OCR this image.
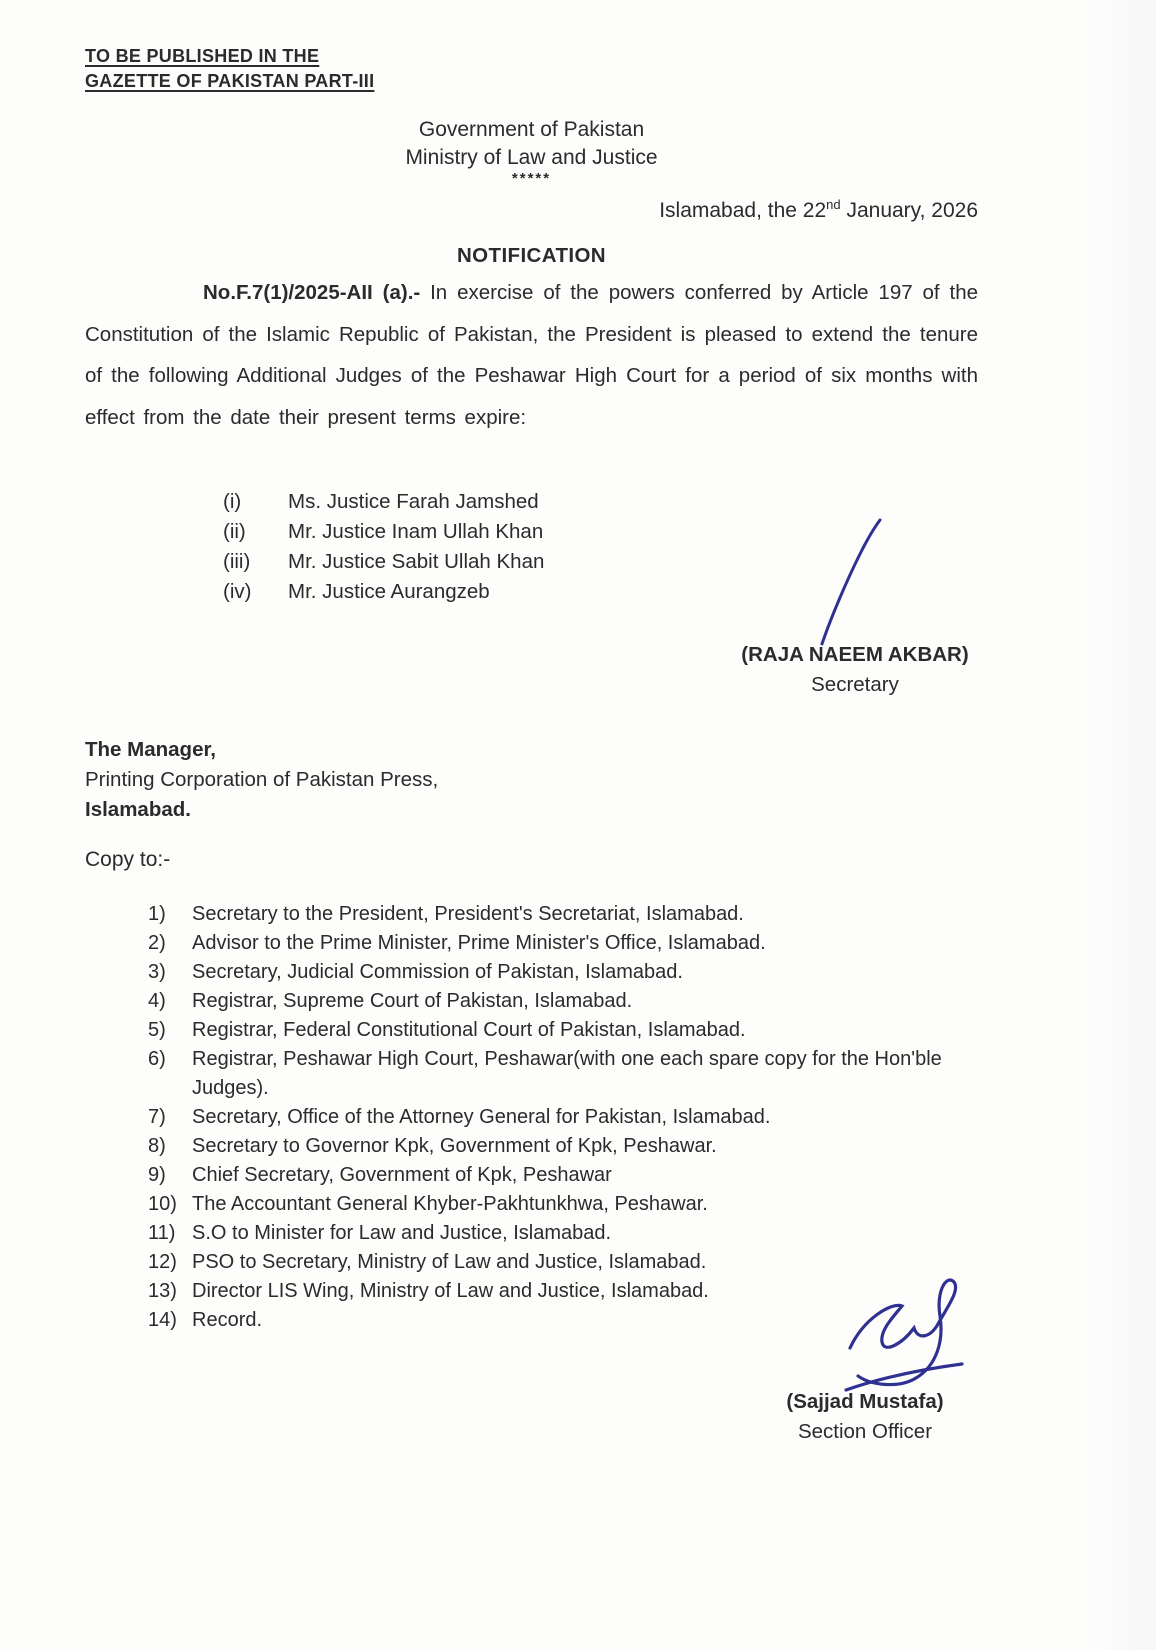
TO BE PUBLISHED IN THE
GAZETTE OF PAKISTAN PART-III
Government of Pakistan
Ministry of Law and Justice
*****
Islamabad, the 22nd January, 2026
NOTIFICATION

No.F.7(1)/2025-AII (a).- In exercise of the powers conferred by Article 197 of the Constitution of the Islamic Republic of Pakistan, the President is pleased to extend the tenure of the following Additional Judges of the Peshawar High Court for a period of six months with effect from the date their present terms expire:

(i)	Ms. Justice Farah Jamshed
(ii)	Mr. Justice Inam Ullah Khan
(iii)	Mr. Justice Sabit Ullah Khan
(iv)	Mr. Justice Aurangzeb
(RAJA NAEEM AKBAR)
Secretary
The Manager,
Printing Corporation of Pakistan Press,
Islamabad.
Copy to:-
1)	Secretary to the President, President's Secretariat, Islamabad.
2)	Advisor to the Prime Minister, Prime Minister's Office, Islamabad.
3)	Secretary, Judicial Commission of Pakistan, Islamabad.
4)	Registrar, Supreme Court of Pakistan, Islamabad.
5)	Registrar, Federal Constitutional Court of Pakistan, Islamabad.
6)	Registrar, Peshawar High Court, Peshawar(with one each spare copy for the Hon'ble Judges).
7)	Secretary, Office of the Attorney General for Pakistan, Islamabad.
8)	Secretary to Governor Kpk, Government of Kpk, Peshawar.
9)	Chief Secretary, Government of Kpk, Peshawar
10) The Accountant General Khyber-Pakhtunkhwa, Peshawar.
11) S.O to Minister for Law and Justice, Islamabad.
12) PSO to Secretary, Ministry of Law and Justice, Islamabad.
13) Director LIS Wing, Ministry of Law and Justice, Islamabad.
14) Record.
(Sajjad Mustafa)
Section Officer
